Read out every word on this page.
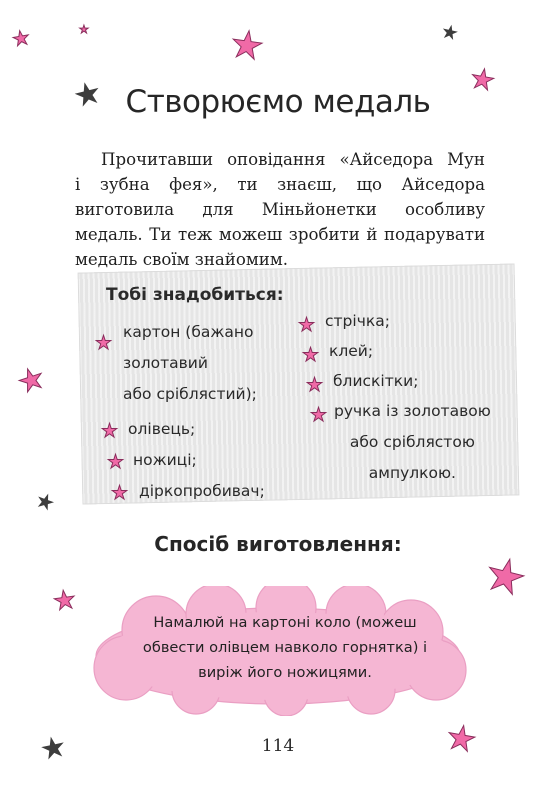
★	★	★	★
★	★
★
★
★
★
★	★
Створюємо медаль
Прочитавши оповідання «Айседора Мун
і зубна фея», ти знаєш, що Айседора виготовила для Міньйонетки особливу медаль. Ти теж можеш зробити й подарувати медаль своїм знайомим.
Тобі знадобиться:
★ картон (бажано
золотавий
або сріблястий);
★ олівець;
★ ножиці;
★ діркопробивач;
★ стрічка;
★ клей;
★ блискітки;
★ ручка із золотавою
або сріблястою
ампулкою.
Спосіб виготовлення:
Намалюй на картоні коло (можеш обвести олівцем навколо горнятка) і виріж його ножицями.
114
